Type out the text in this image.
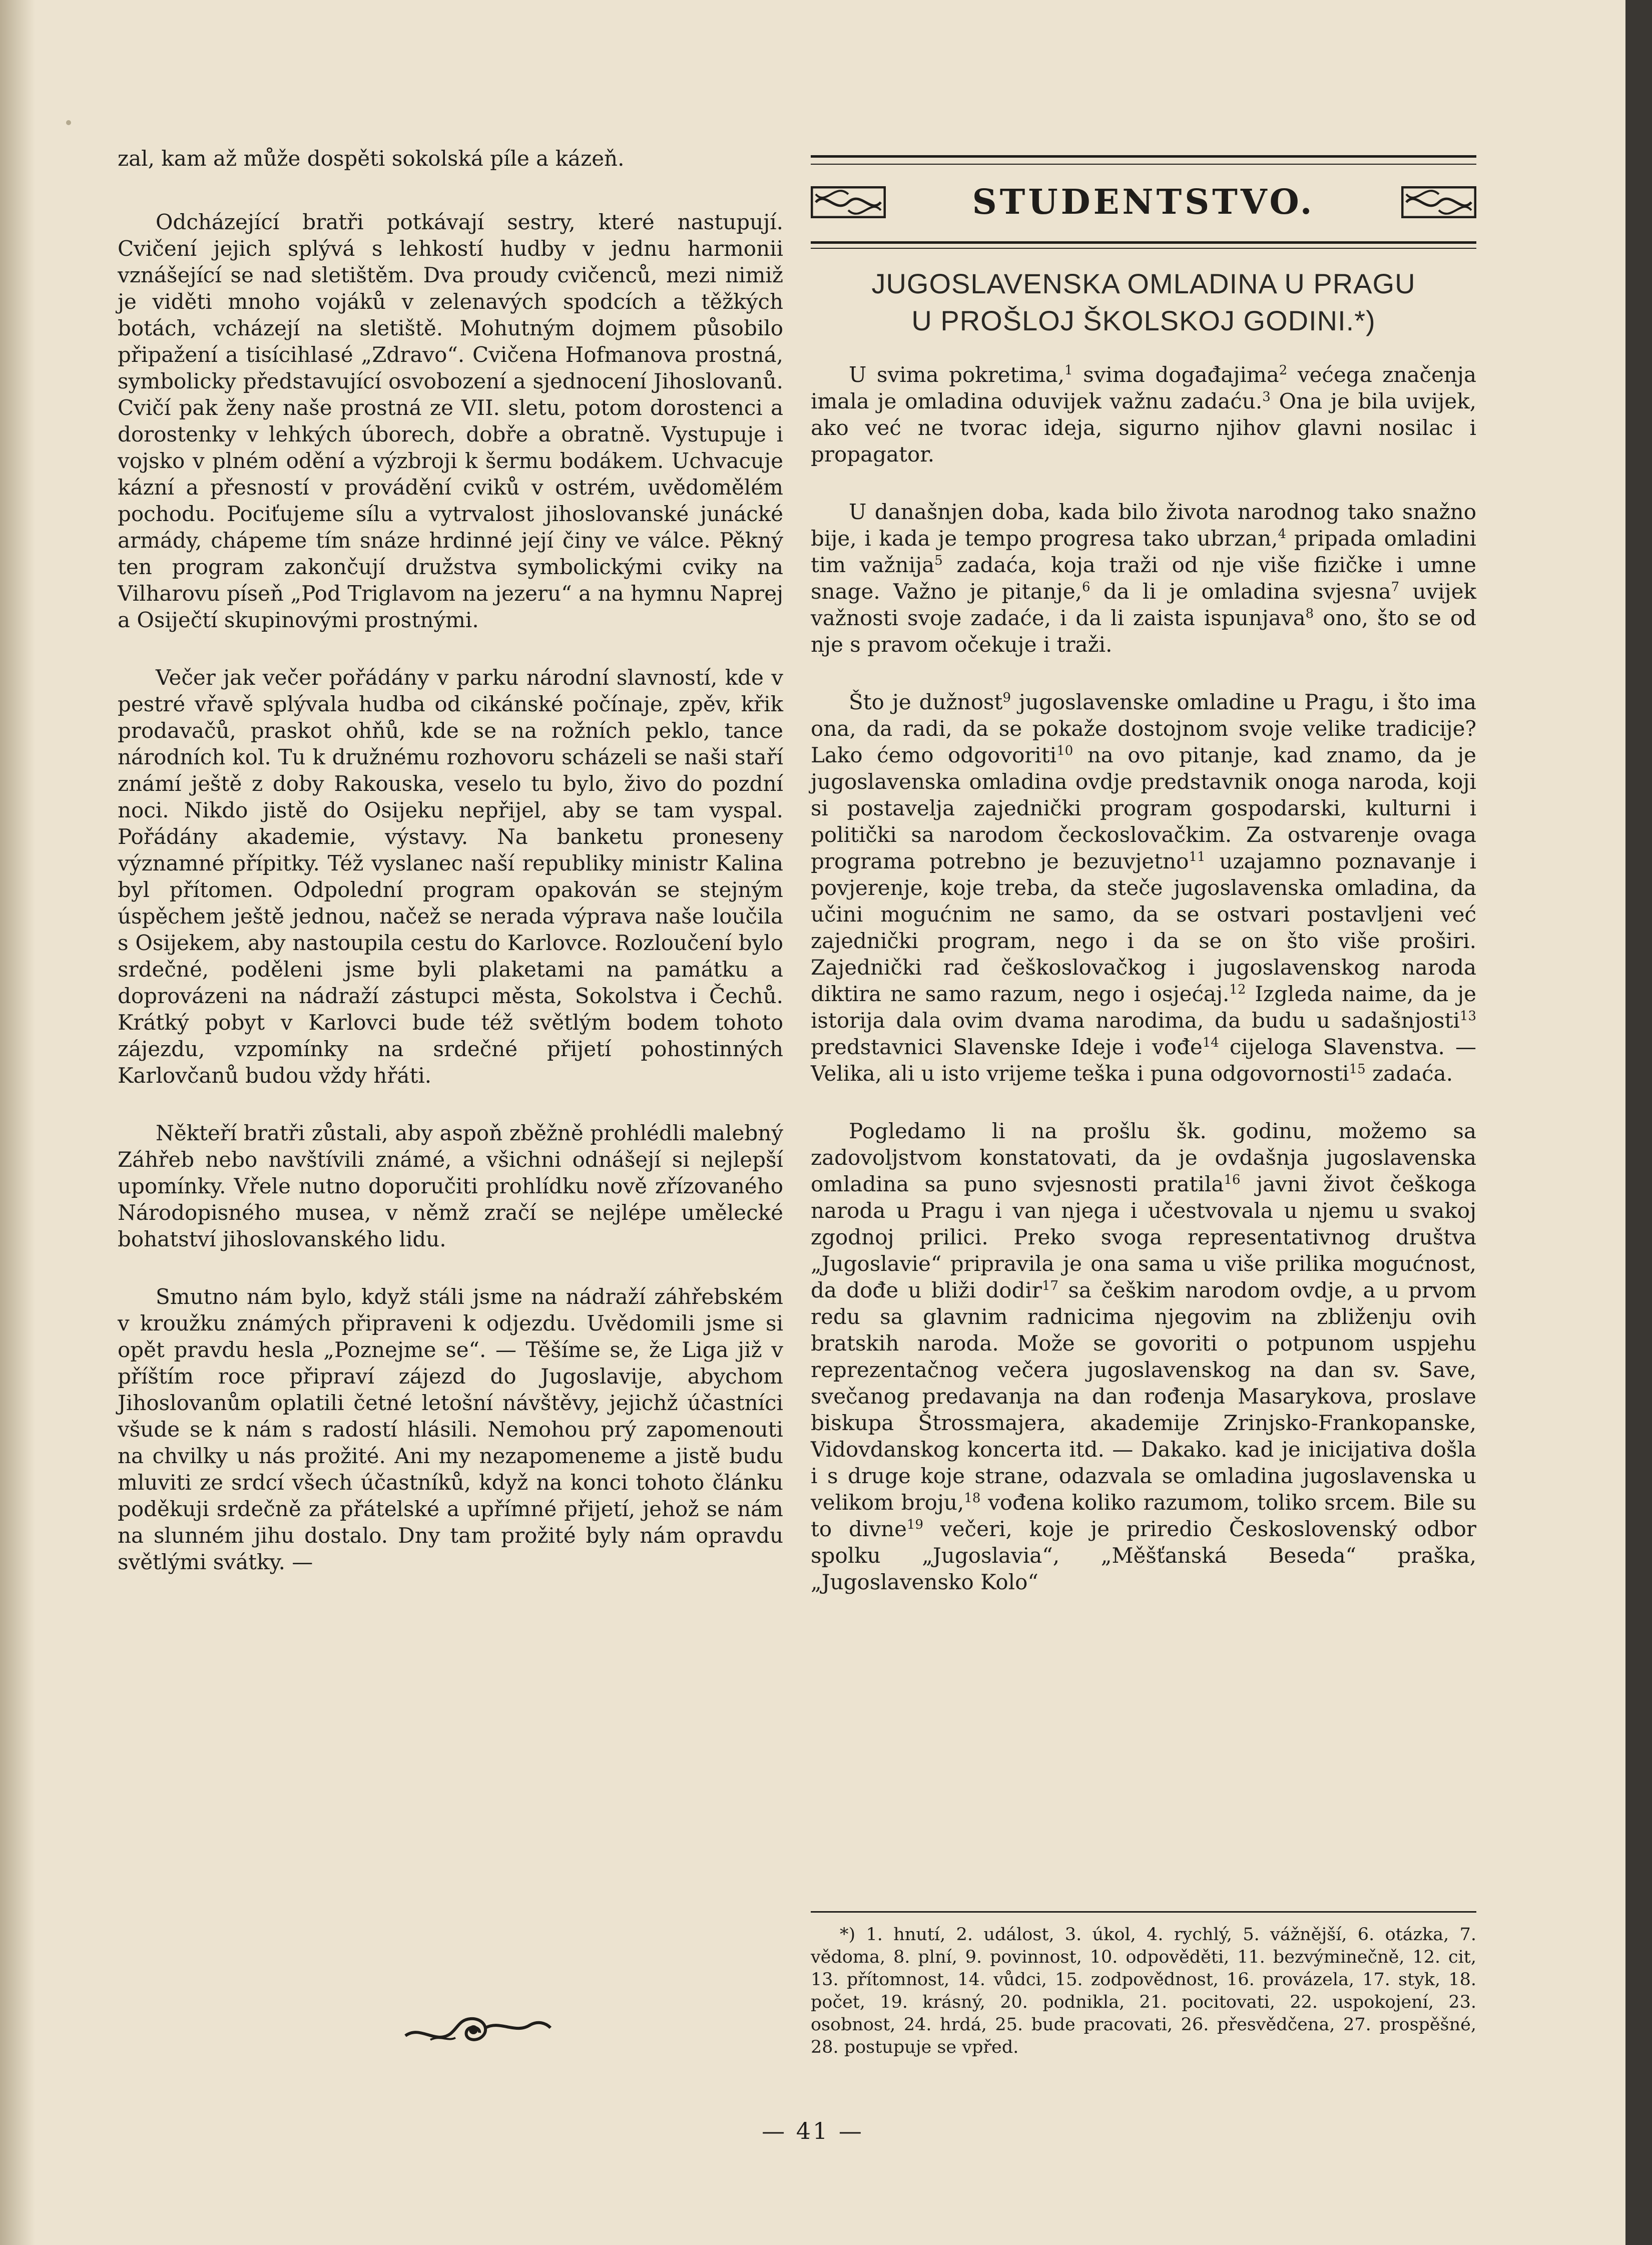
zal, kam až může dospěti sokolská píle a kázeň.

Odcházející bratři potkávají sestry, které nastupují. Cvičení jejich splývá s lehkostí hudby v jednu harmonii vznášející se nad sletištěm. Dva proudy cvičenců, mezi nimiž je viděti mnoho vojáků v zelenavých spodcích a těžkých botách, vcházejí na sletiště. Mohutným dojmem působilo připažení a tisícihlasé „Zdravo“. Cvičena Hofmanova prostná, symbolicky představující osvobození a sjednocení Jihoslovanů. Cvičí pak ženy naše prostná ze VII. sletu, potom dorostenci a dorostenky v lehkých úborech, dobře a obratně. Vystupuje i vojsko v plném odění a výzbroji k šermu bodákem. Uchvacuje kázní a přesností v provádění cviků v ostrém, uvědomělém pochodu. Pociťujeme sílu a vytrvalost jihoslovanské junácké armády, chápeme tím snáze hrdinné její činy ve válce. Pěkný ten program zakončují družstva symbolickými cviky na Vilharovu píseň „Pod Triglavom na jezeru“ a na hymnu Naprej a Osiječtí skupinovými prostnými.

Večer jak večer pořádány v parku národní slavností, kde v pestré vřavě splývala hudba od cikánské počínaje, zpěv, křik prodavačů, praskot ohňů, kde se na rožních peklo, tance národních kol. Tu k družnému rozhovoru scházeli se naši staří známí ještě z doby Rakouska, veselo tu bylo, živo do pozdní noci. Nikdo jistě do Osijeku nepřijel, aby se tam vyspal. Pořádány akademie, výstavy. Na banketu proneseny významné přípitky. Též vyslanec naší republiky ministr Kalina byl přítomen. Odpolední program opakován se stejným úspěchem ještě jednou, načež se nerada výprava naše loučila s Osijekem, aby nastoupila cestu do Karlovce. Rozloučení bylo srdečné, poděleni jsme byli plaketami na památku a doprovázeni na nádraží zástupci města, Sokolstva i Čechů. Krátký pobyt v Karlovci bude též světlým bodem tohoto zájezdu, vzpomínky na srdečné přijetí pohostinných Karlovčanů budou vždy hřáti.

Někteří bratři zůstali, aby aspoň zběžně prohlédli malebný Záhřeb nebo navštívili známé, a všichni odnášejí si nejlepší upomínky. Vřele nutno doporučiti prohlídku nově zřízovaného Národopisného musea, v němž zračí se nejlépe umělecké bohatství jihoslovanského lidu.

Smutno nám bylo, když stáli jsme na nádraží záhřebském v kroužku známých připraveni k odjezdu. Uvědomili jsme si opět pravdu hesla „Poznejme se“. — Těšíme se, že Liga již v příštím roce připraví zájezd do Jugoslavije, abychom Jihoslovanům oplatili četné letošní návštěvy, jejichž účastníci všude se k nám s radostí hlásili. Nemohou prý zapomenouti na chvilky u nás prožité. Ani my nezapomeneme a jistě budu mluviti ze srdcí všech účastníků, když na konci tohoto článku poděkuji srdečně za přátelské a upřímné přijetí, jehož se nám na slunném jihu dostalo. Dny tam prožité byly nám opravdu světlými svátky. —

STUDENTSTVO.
JUGOSLAVENSKA OMLADINA U PRAGU
U PROŠLOJ ŠKOLSKOJ GODINI.*)

U svima pokretima,$^1$ svima događajima$^2$ većega značenja imala je omladina oduvijek važnu zadaću.$^3$ Ona je bila uvijek, ako već ne tvorac ideja, sigurno njihov glavni nosilac i propagator.

U današnjen doba, kada bilo života narodnog tako snažno bije, i kada je tempo progresa tako ubrzan,$^4$ pripada omladini tim važnija$^5$ zadaća, koja traži od nje više fizičke i umne snage. Važno je pitanje,$^6$ da li je omladina svjesna$^7$ uvijek važnosti svoje zadaće, i da li zaista ispunjava$^8$ ono, što se od nje s pravom očekuje i traži.

Što je dužnost$^9$ jugoslavenske omladine u Pragu, i što ima ona, da radi, da se pokaže dostojnom svoje velike tradicije? Lako ćemo odgovoriti$^{10}$ na ovo pitanje, kad znamo, da je jugoslavenska omladina ovdje predstavnik onoga naroda, koji si postavelja zajednički program gospodarski, kulturni i politički sa narodom čeckoslovačkim. Za ostvarenje ovaga programa potrebno je bezuvjetno$^{11}$ uzajamno poznavanje i povjerenje, koje treba, da steče jugoslavenska omladina, da učini mogućnim ne samo, da se ostvari postavljeni već zajednički program, nego i da se on što više proširi. Zajednički rad češkoslovačkog i jugoslavenskog naroda diktira ne samo razum, nego i osjećaj.$^{12}$ Izgleda naime, da je istorija dala ovim dvama narodima, da budu u sadašnjosti$^{13}$ predstavnici Slavenske Ideje i vođe$^{14}$ cijeloga Slavenstva. — Velika, ali u isto vrijeme teška i puna odgovornosti$^{15}$ zadaća.

Pogledamo li na prošlu šk. godinu, možemo sa zadovoljstvom konstatovati, da je ovdašnja jugoslavenska omladina sa puno svjesnosti pratila$^{16}$ javni život češkoga naroda u Pragu i van njega i učestvovala u njemu u svakoj zgodnoj prilici. Preko svoga representativnog društva „Jugoslavie“ pripravila je ona sama u više prilika mogućnost, da dođe u bliži dodir$^{17}$ sa češkim narodom ovdje, a u prvom redu sa glavnim radnicima njegovim na zbliženju ovih bratskih naroda. Može se govoriti o potpunom uspjehu reprezentačnog večera jugoslavenskog na dan sv. Save, svečanog predavanja na dan rođenja Masarykova, proslave biskupa Štrossmajera, akademije Zrinjsko-Frankopanske, Vidovdanskog koncerta itd. — Dakako. kad je inicijativa došla i s druge koje strane, odazvala se omladina jugoslavenska u velikom broju,$^{18}$ vođena koliko razumom, toliko srcem. Bile su to divne$^{19}$ večeri, koje je priredio Československý odbor spolku „Jugoslavia“, „Měšťanská Beseda“ praška, „Jugoslavensko Kolo“

*) 1. hnutí, 2. událost, 3. úkol, 4. rychlý, 5. vážnější, 6. otázka, 7. vědoma, 8. plní, 9. povinnost, 10. odpověděti, 11. bezvýminečně, 12. cit, 13. přítomnost, 14. vůdci, 15. zodpovědnost, 16. provázela, 17. styk, 18. počet, 19. krásný, 20. podnikla, 21. pocitovati, 22. uspokojení, 23. osobnost, 24. hrdá, 25. bude pracovati, 26. přesvědčena, 27. prospěšné, 28. postupuje se vpřed.

— 41 —
